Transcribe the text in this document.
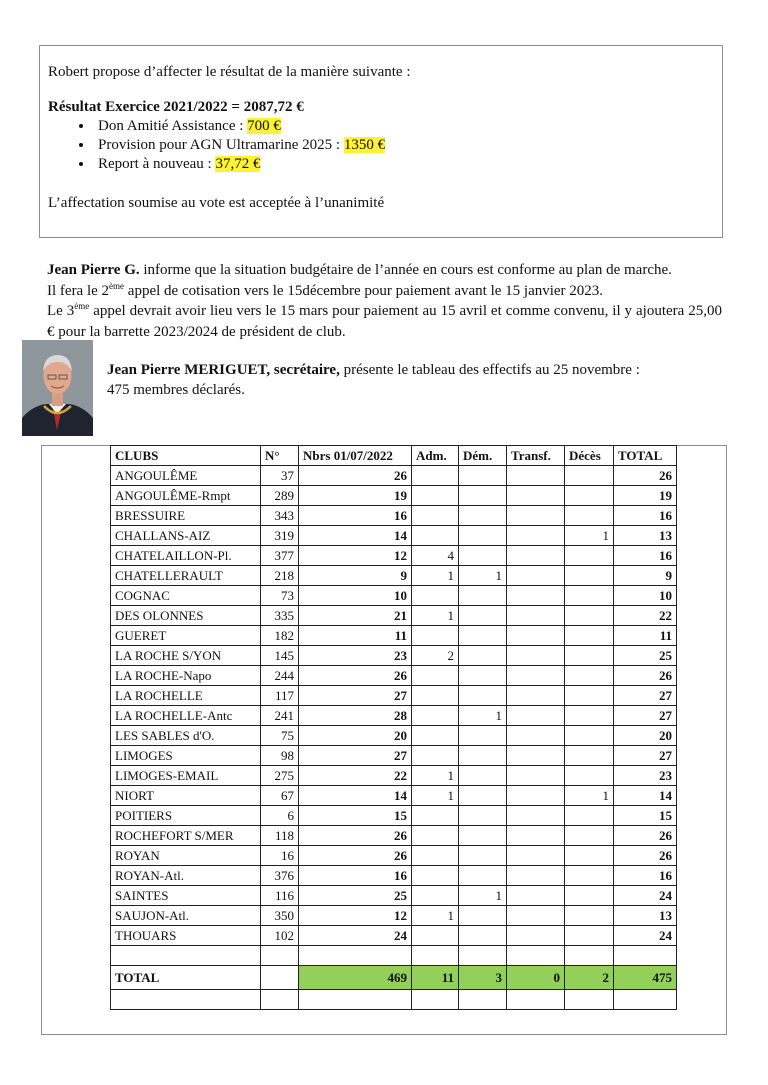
Robert propose d’affecter le résultat de la manière suivante :
Résultat Exercice 2021/2022 = 2087,72 €
• Don Amitié Assistance : 700 €
• Provision pour AGN Ultramarine 2025 : 1350 €
• Report à nouveau : 37,72 €
L’affectation soumise au vote est acceptée à l’unanimité

Jean Pierre G. informe que la situation budgétaire de l’année en cours est conforme au plan de marche.

Il fera le 2ème appel de cotisation vers le 15décembre pour paiement avant le 15 janvier 2023.

Le 3ème appel devrait avoir lieu vers le 15 mars pour paiement au 15 avril et comme convenu, il y ajoutera 25,00 € pour la barrette 2023/2024 de président de club.

Jean Pierre MERIGUET, secrétaire, présente le tableau des effectifs au 25 novembre :

475 membres déclarés.

CLUBS	N°	Nbrs 01/07/2022	Adm.	Dém.	Transf.	Décès	TOTAL
ANGOULÊME	37	26					26
ANGOULÊME-Rmpt	289	19					19
BRESSUIRE	343	16					16
CHALLANS-AIZ	319	14				1	13
CHATELAILLON-Pl.	377	12	4				16
CHATELLERAULT	218	9	1	1			9
COGNAC	73	10					10
DES OLONNES	335	21	1				22
GUERET	182	11					11
LA ROCHE S/YON	145	23	2				25
LA ROCHE-Napo	244	26					26
LA ROCHELLE	117	27					27
LA ROCHELLE-Antc	241	28		1			27
LES SABLES d'O.	75	20					20
LIMOGES	98	27					27
LIMOGES-EMAIL	275	22	1				23
NIORT	67	14	1			1	14
POITIERS	6	15					15
ROCHEFORT S/MER	118	26					26
ROYAN	16	26					26
ROYAN-Atl.	376	16					16
SAINTES	116	25		1			24
SAUJON-Atl.	350	12	1				13
THOUARS	102	24					24

TOTAL		469	11	3	0	2	475
